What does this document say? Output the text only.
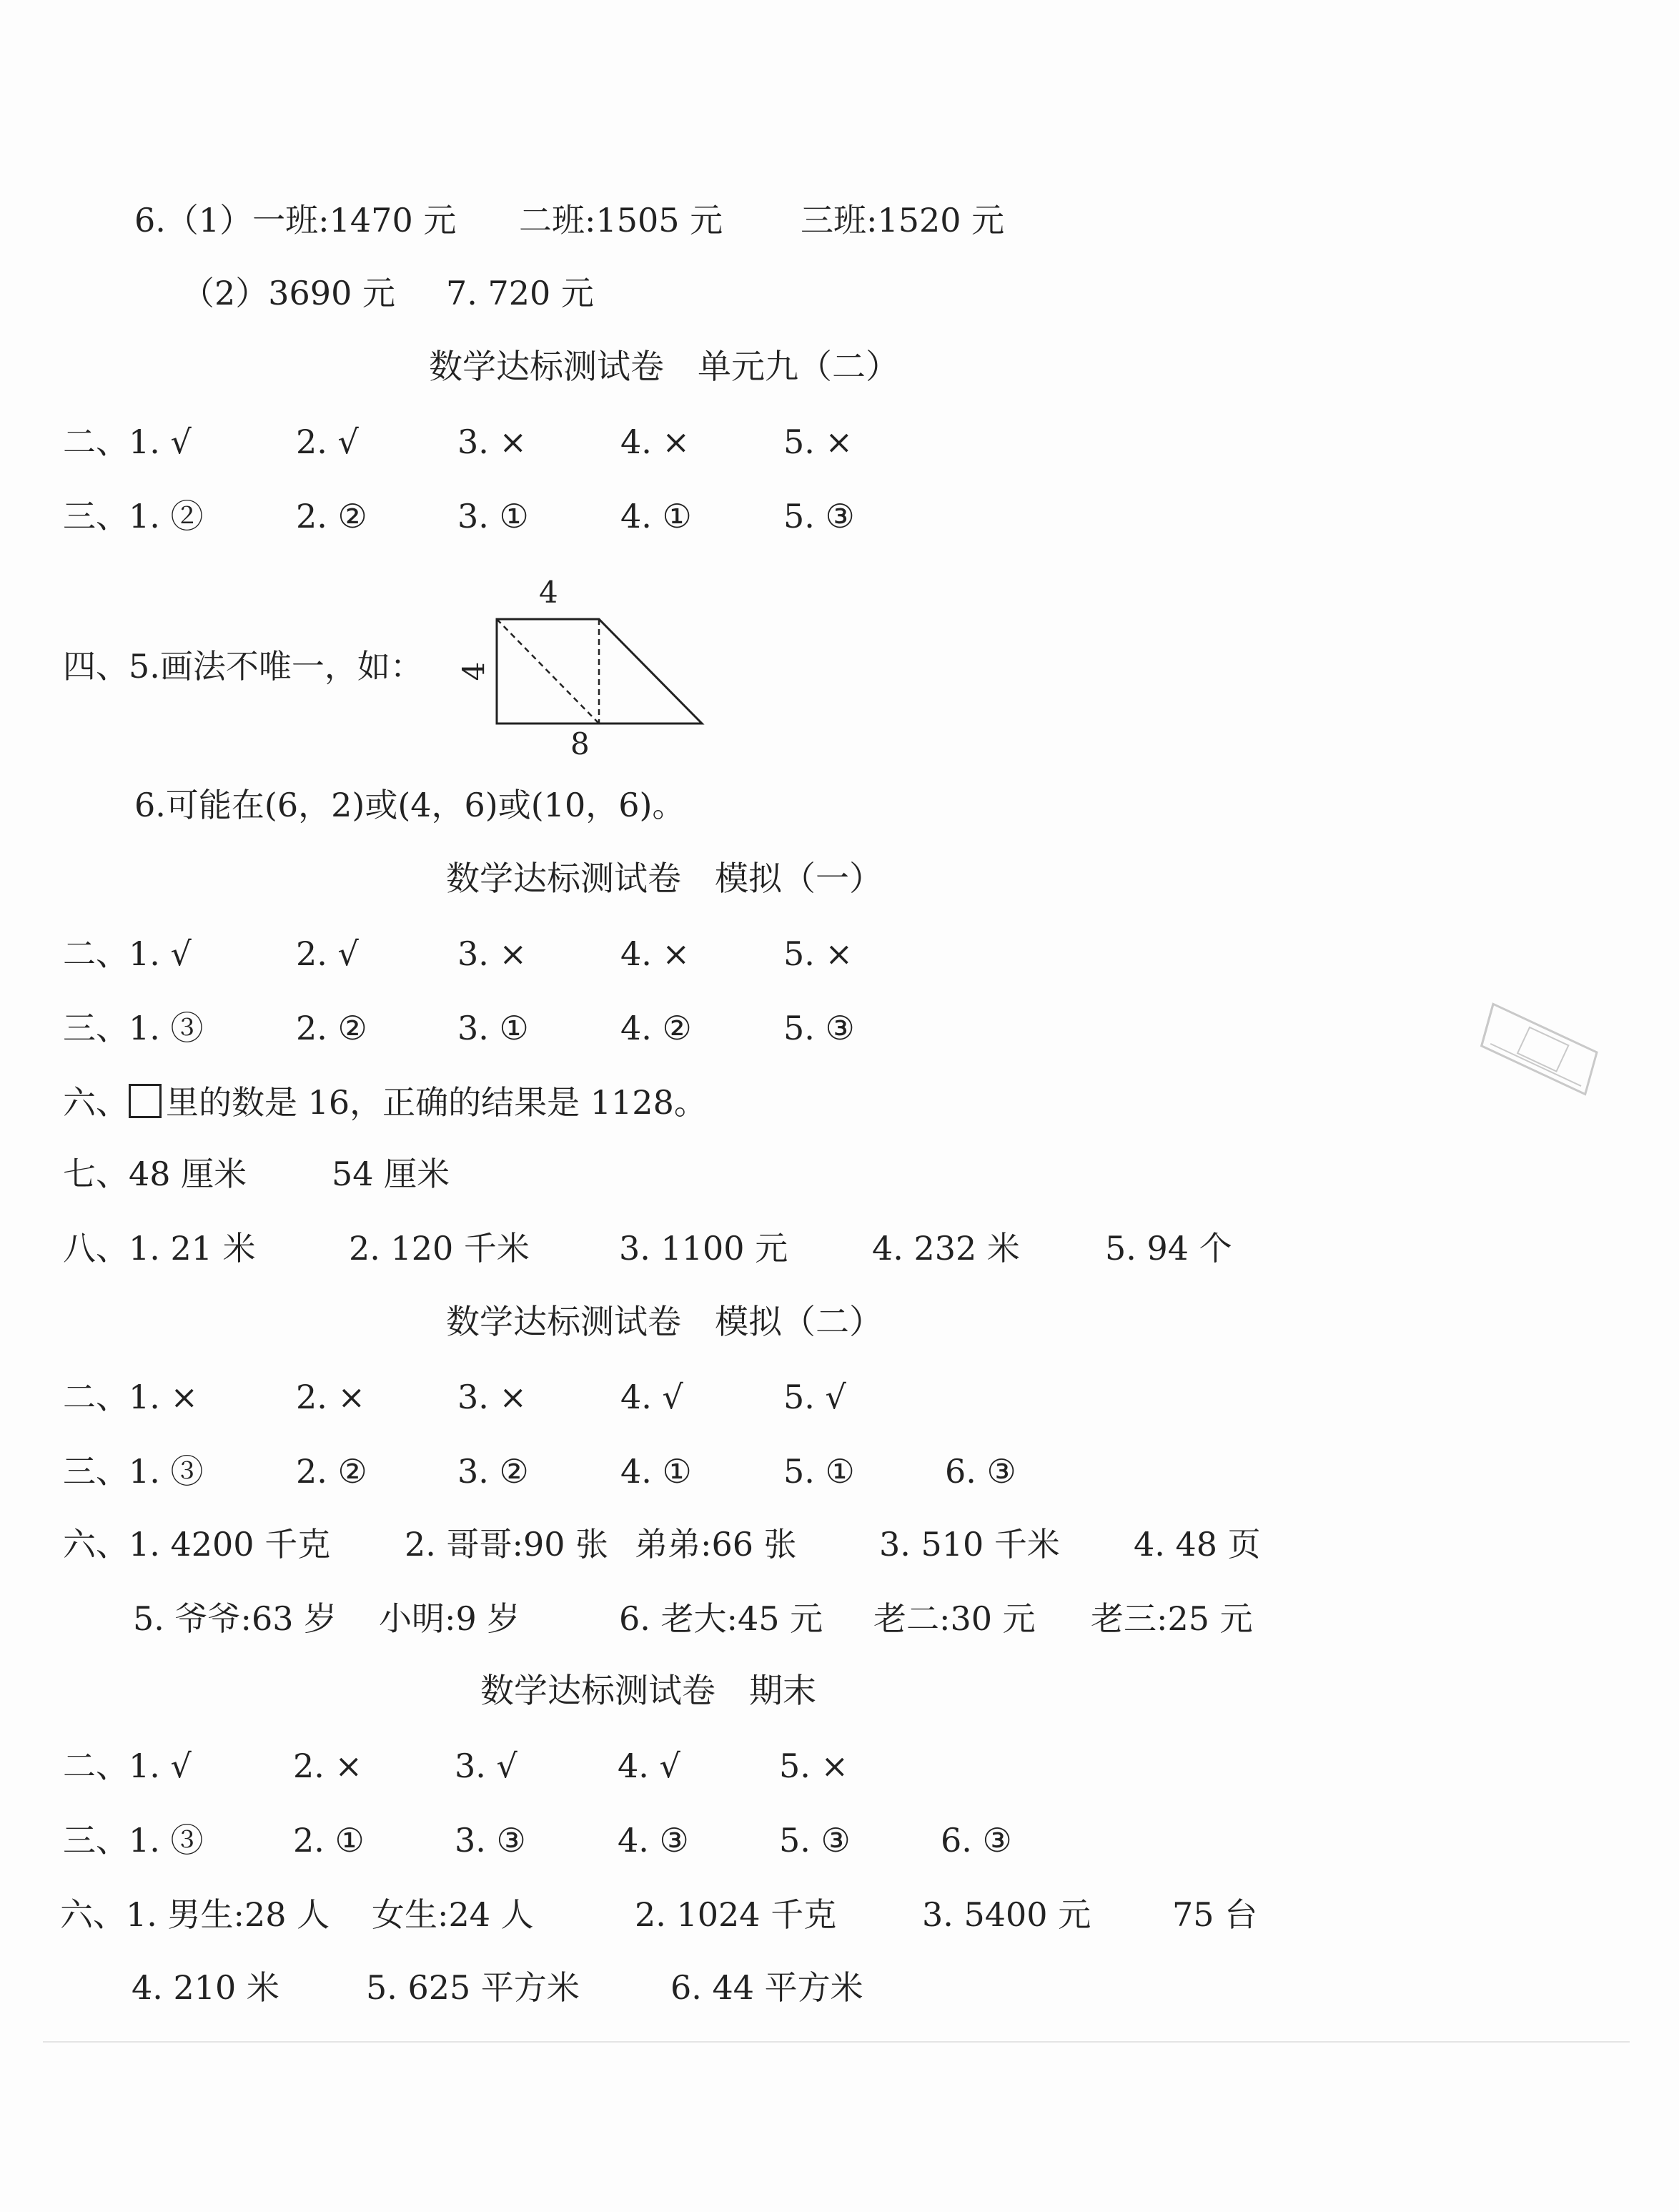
6.（1）一班:1470 元 二班:1505 元 三班:1520 元
（2）3690 元 7. 720 元
数学达标测试卷　单元九（二）
二、1. √	2. √	3. ×	4. ×	5. ×
三、1. ②	2. ②	3. ①	4. ①	5. ③
四、5.画法不唯一，如：
4
4
8
6.可能在(6，2)或(4，6)或(10，6)。
数学达标测试卷　模拟（一）
二、1. √	2. √	3. ×	4. ×	5. ×
三、1. ③	2. ②	3. ①	4. ②	5. ③
六、 里的数是 16，正确的结果是 1128。
七、48 厘米	54 厘米
八、1. 21 米	2. 120 千米	3. 1100 元	4. 232 米	5. 94 个
数学达标测试卷　模拟（二）
二、1. ×	2. ×	3. ×	4. √	5. √
三、1. ③	2. ②	3. ②	4. ①	5. ①	6. ③
六、1. 4200 千克 2. 哥哥:90 张 弟弟:66 张	3. 510 千米 4. 48 页
5. 爷爷:63 岁 小明:9 岁	6. 老大:45 元 老二:30 元 老三:25 元
数学达标测试卷　期末
二、1. √	2. ×	3. √	4. √	5. ×
三、1. ③	2. ①	3. ③	4. ③	5. ③	6. ③
六、1. 男生:28 人 女生:24 人	2. 1024 千克	3. 5400 元 75 台
4. 210 米	5. 625 平方米	6. 44 平方米
